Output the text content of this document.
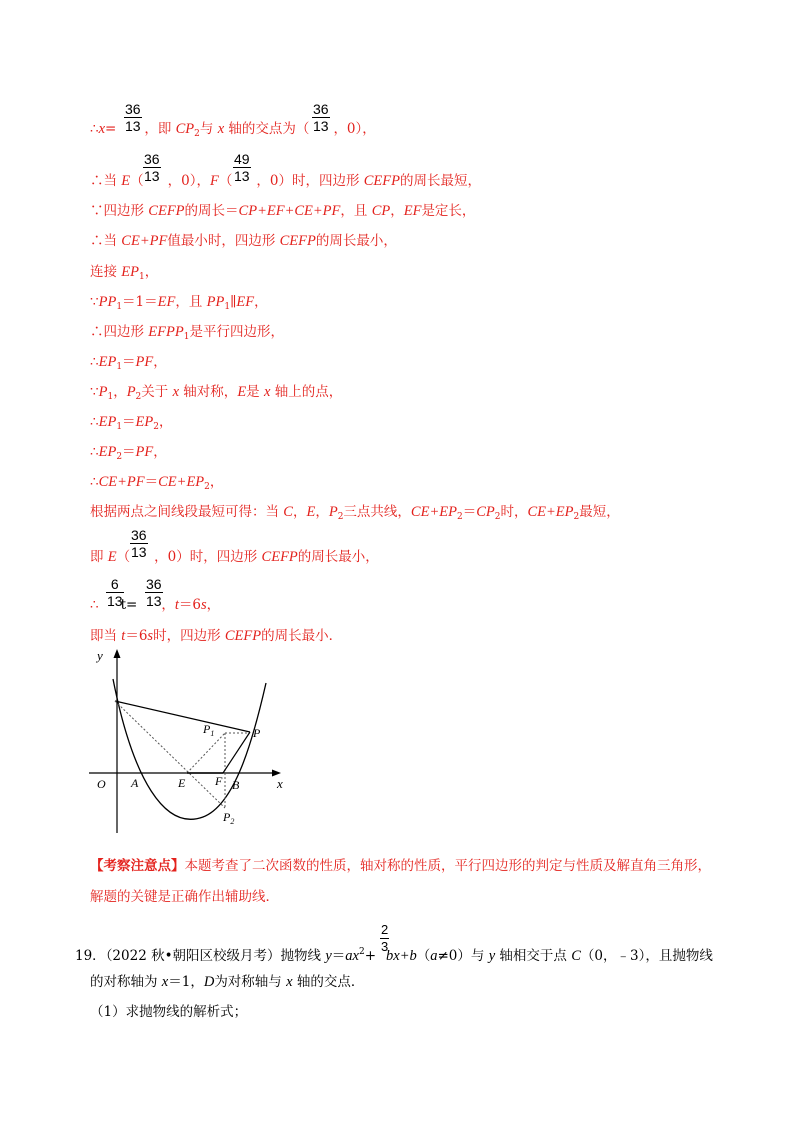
∴x= ，即 $CP_2$与 x 轴的交点为（ ，0），
36
13
36
13
∴当 E（ ，0），F（ ，0）时，四边形 CEFP的周长最短，
36
13
49
13
∵四边形 CEFP的周长＝CP+EF+CE+PF，且 CP，EF是定长，
∴当 CE+PF值最小时，四边形 CEFP的周长最小，
连接 $EP_1$，
$\because PP_1=1=EF$，且 $PP_1\parallel EF$，
∴四边形 $EFPP_1$是平行四边形，
$\therefore EP_1=PF$，
$\because P_1$，$P_2$关于 x 轴对称，E是 x 轴上的点，
$\therefore EP_1=EP_2$，
$\therefore EP_2=PF$，
$\therefore CE+PF=CE+EP_2$，
根据两点之间线段最短可得：当 C，E，$P_2$三点共线，$CE+EP_2=CP_2$时，$CE+EP_2$最短，
即 E（ ，0）时，四边形 CEFP的周长最小，
36
13
∴ t= ，t＝6s，
6
13
36
13
即当 t＝6s时，四边形 CEFP的周长最小．
y
x
O A	E F B
P
$P_1$
$P_2$
【考察注意点】本题考查了二次函数的性质，轴对称的性质，平行四边形的判定与性质及解直角三角形，
解题的关键是正确作出辅助线．
19．（2022 秋•朝阳区校级月考）抛物线 $y=ax^2+ bx+b(a\ne 0)$与 y 轴相交于点 C（0，﹣3），且抛物线
2
3
的对称轴为 x＝1，D为对称轴与 x 轴的交点．
（1）求抛物线的解析式；
